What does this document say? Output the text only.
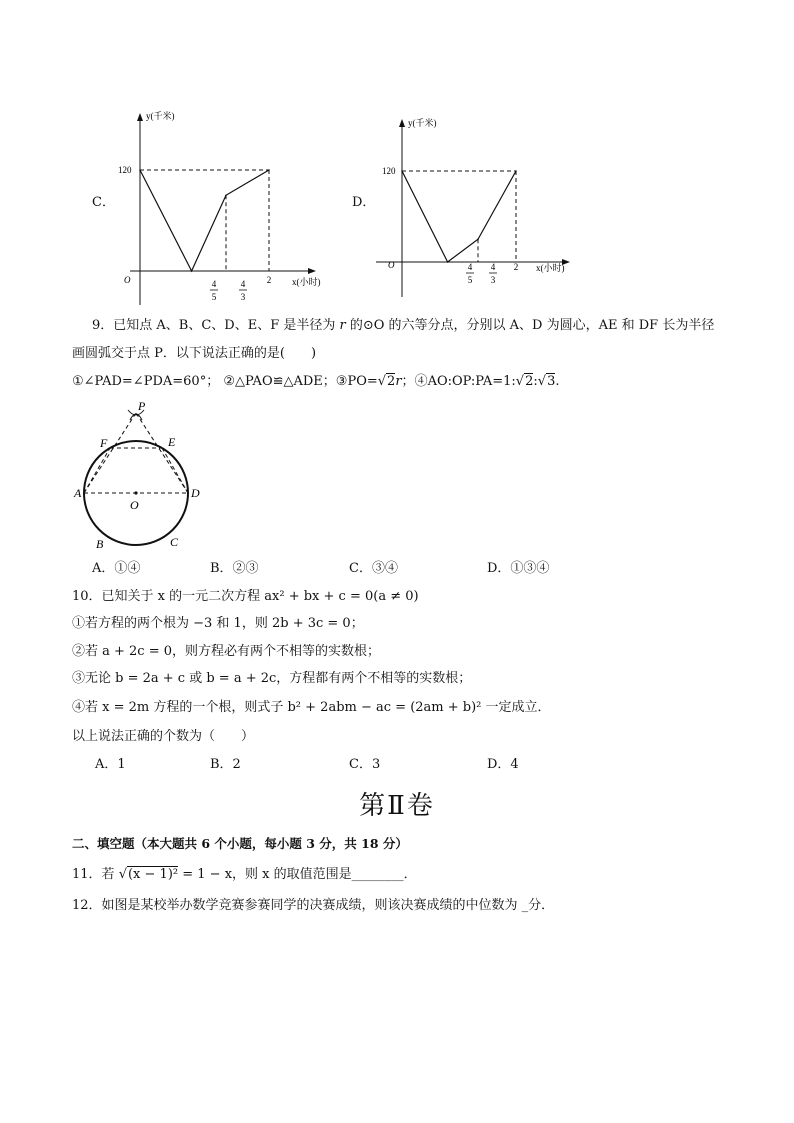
C．
y(千米)
x(小时)
O
120
4
5
4
3
2
D．
y(千米)
x(小时)
O
120
4
5
4
3
2
9．已知点 A、B、C、D、E、F 是半径为 r 的⊙O 的六等分点，分别以 A、D 为圆心，AE 和 DF 长为半径
画圆弧交于点 P．以下说法正确的是(　　)
①∠PAD=∠PDA=60°； ②△PAO≌△ADE；③PO=√2r；④AO:OP:PA=1:√2:√3.
P
E
F
A	D
O
B	C
A．①④	B．②③	C．③④	D．①③④
10．已知关于 x 的一元二次方程 ax² + bx + c = 0(a ≠ 0)
①若方程的两个根为 −3 和 1，则 2b + 3c = 0；
②若 a + 2c = 0，则方程必有两个不相等的实数根；
③无论 b = 2a + c 或 b = a + 2c，方程都有两个不相等的实数根；
④若 x = 2m 方程的一个根，则式子 b² + 2abm − ac = (2am + b)² 一定成立．
以上说法正确的个数为（　　）
A．1	B．2	C．3	D．4
第Ⅱ卷
二、填空题（本大题共 6 个小题，每小题 3 分，共 18 分）
11．若 √(x − 1)² = 1 − x，则 x 的取值范围是________．
12．如图是某校举办数学竞赛参赛同学的决赛成绩，则该决赛成绩的中位数为 _分．
